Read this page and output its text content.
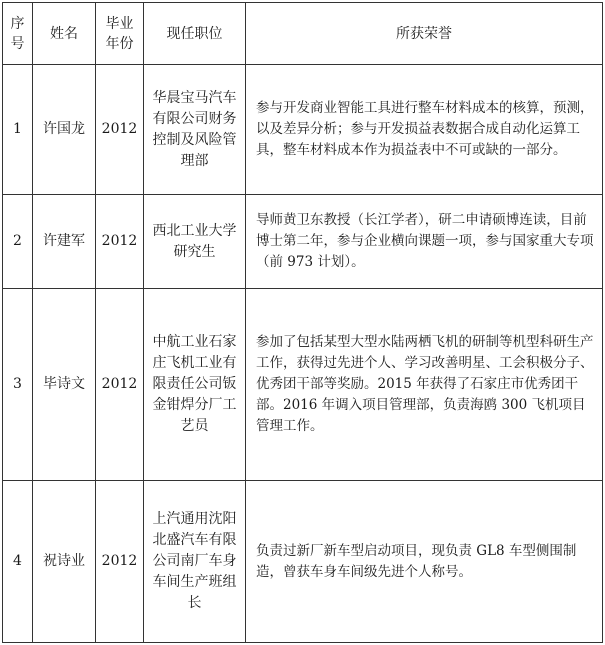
序号	姓名	毕业年份	现任职位	所获荣誉

1	许国龙	2012	华晨宝马汽车有限公司财务控制及风险管理部	参与开发商业智能工具进行整车材料成本的核算，预测，以及差异分析；参与开发损益表数据合成自动化运算工具，整车材料成本作为损益表中不可或缺的一部分。

2	许建军	2012	西北工业大学研究生	导师黄卫东教授（长江学者），研二申请硕博连读，目前博士第二年，参与企业横向课题一项，参与国家重大专项（前 973 计划）。

3	毕诗文	2012	中航工业石家庄飞机工业有限责任公司钣金钳焊分厂工艺员	参加了包括某型大型水陆两栖飞机的研制等机型科研生产工作，获得过先进个人、学习改善明星、工会积极分子、优秀团干部等奖励。2015 年获得了石家庄市优秀团干部。2016 年调入项目管理部，负责海鸥 300 飞机项目管理工作。

4	祝诗业	2012	上汽通用沈阳北盛汽车有限公司南厂车身车间生产班组长	负责过新厂新车型启动项目，现负责 GL8 车型侧围制造，曾获车身车间级先进个人称号。
